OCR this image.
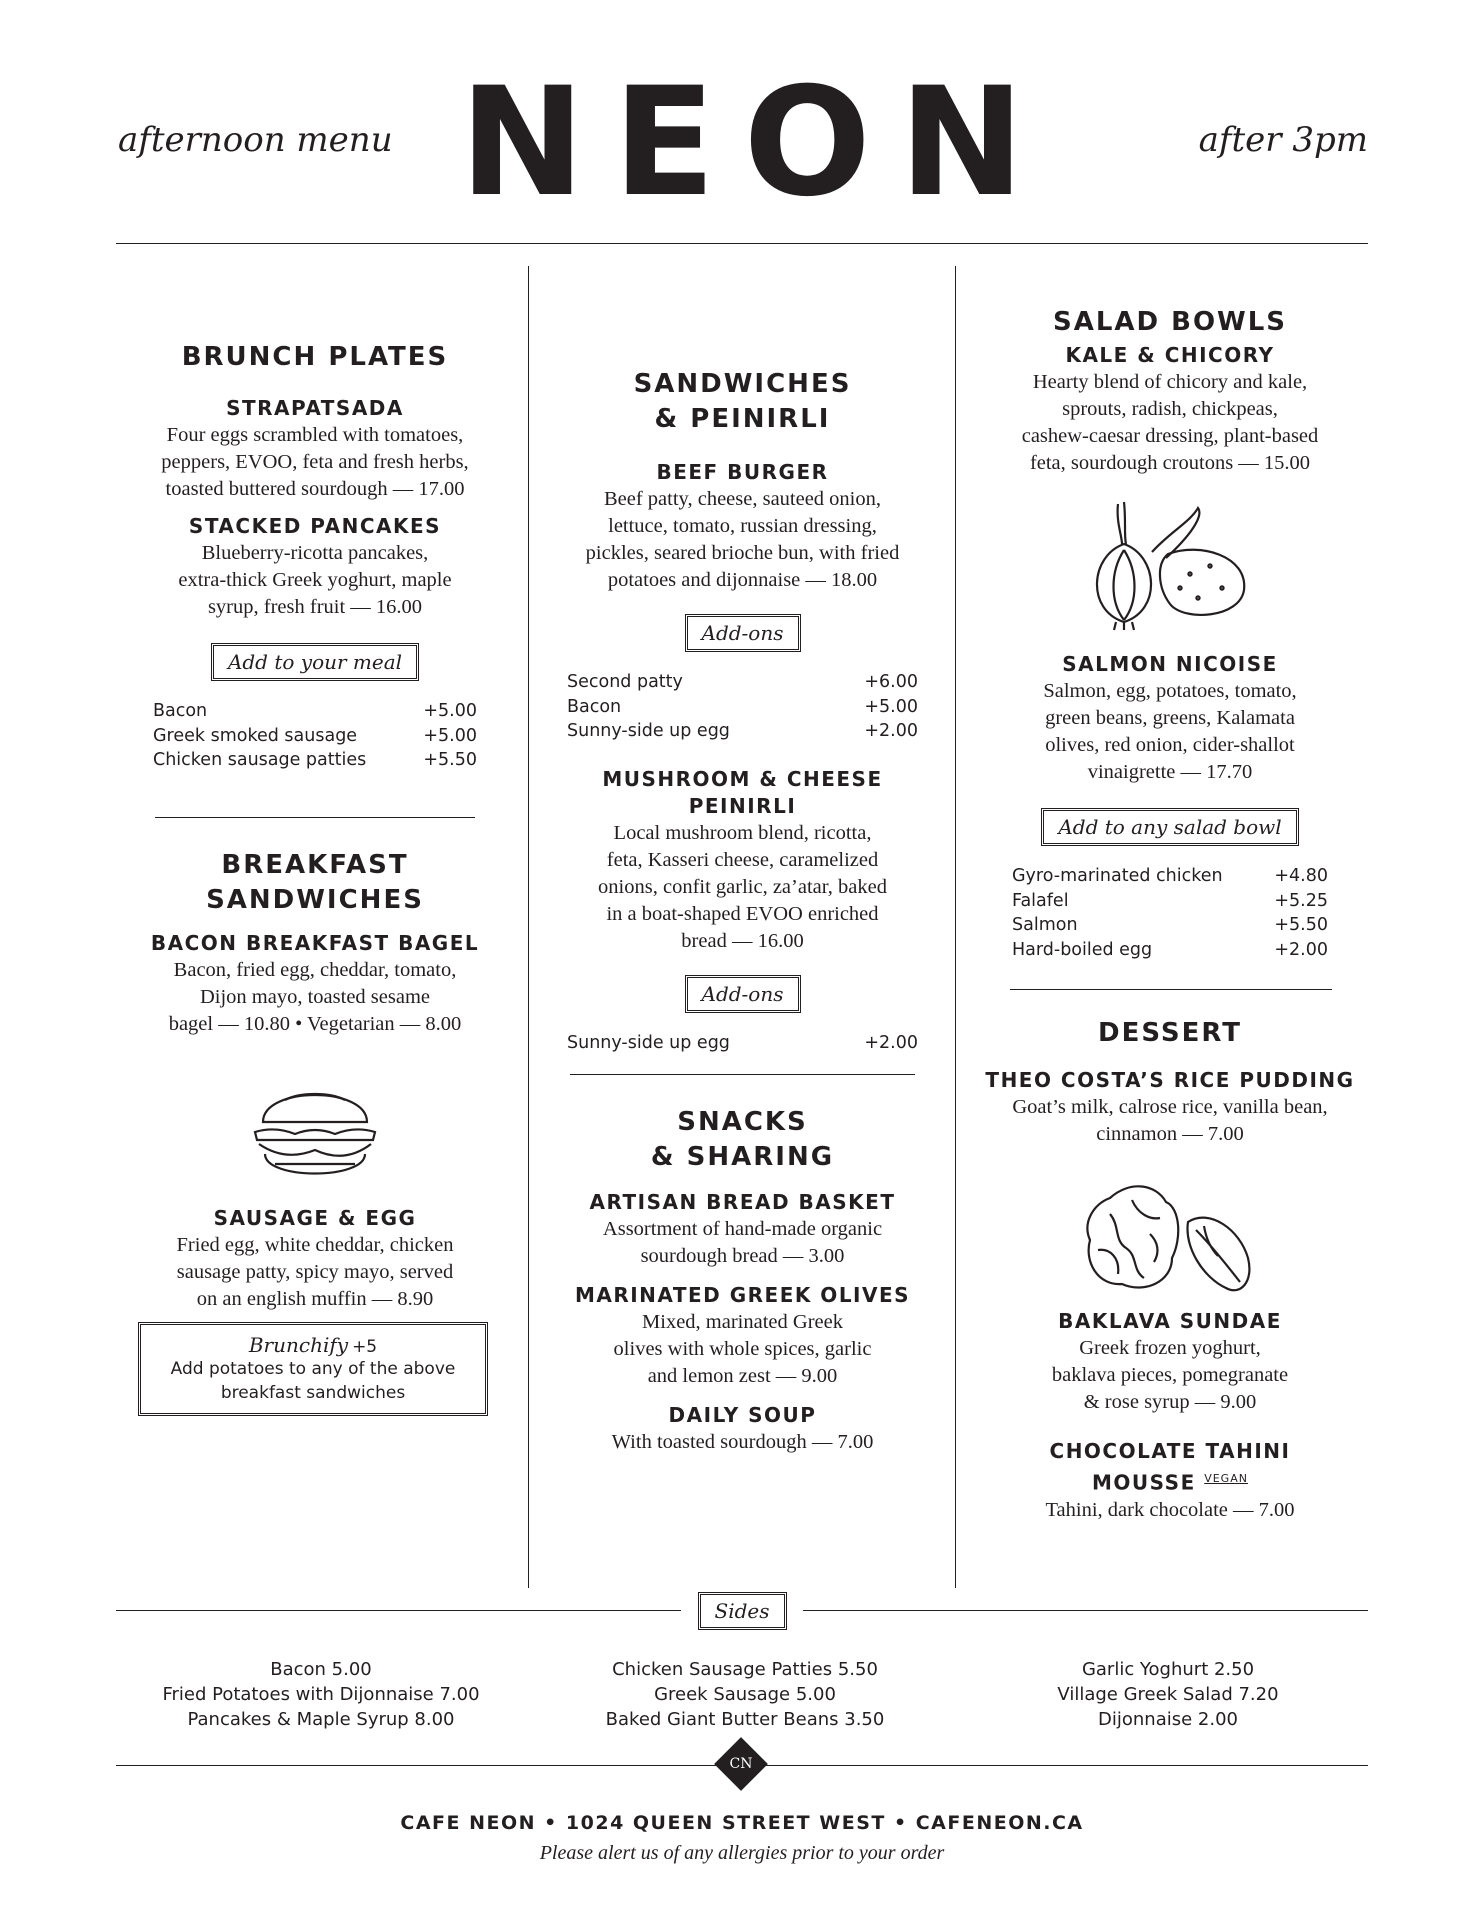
afternoon menu NEON	after 3pm
BRUNCH PLATES
STRAPATSADA
Four eggs scrambled with tomatoes,
peppers, EVOO, feta and fresh herbs,
toasted buttered sourdough — 17.00
STACKED PANCAKES
Blueberry-ricotta pancakes,
extra-thick Greek yoghurt, maple
syrup, fresh fruit — 16.00
Add to your meal
Bacon	+5.00
Greek smoked sausage	+5.00
Chicken sausage patties	+5.50
BREAKFAST
SANDWICHES
BACON BREAKFAST BAGEL
Bacon, fried egg, cheddar, tomato,
Dijon mayo, toasted sesame
bagel — 10.80 • Vegetarian — 8.00
SAUSAGE & EGG
Fried egg, white cheddar, chicken
sausage patty, spicy mayo, served
on an english muffin — 8.90
Brunchify +5
Add potatoes to any of the above
breakfast sandwiches
SANDWICHES
& PEINIRLI
BEEF BURGER
Beef patty, cheese, sauteed onion,
lettuce, tomato, russian dressing,
pickles, seared brioche bun, with fried
potatoes and dijonnaise — 18.00
Add-ons
Second patty	+6.00
Bacon	+5.00
Sunny-side up egg	+2.00
MUSHROOM & CHEESE PEINIRLI
Local mushroom blend, ricotta,
feta, Kasseri cheese, caramelized
onions, confit garlic, za’atar, baked
in a boat-shaped EVOO enriched
bread — 16.00
Add-ons
Sunny-side up egg	+2.00
SNACKS
& SHARING
ARTISAN BREAD BASKET
Assortment of hand-made organic
sourdough bread — 3.00
MARINATED GREEK OLIVES
Mixed, marinated Greek
olives with whole spices, garlic
and lemon zest — 9.00
DAILY SOUP
With toasted sourdough — 7.00
SALAD BOWLS
KALE & CHICORY
Hearty blend of chicory and kale,
sprouts, radish, chickpeas,
cashew-caesar dressing, plant-based
feta, sourdough croutons — 15.00
SALMON NICOISE
Salmon, egg, potatoes, tomato,
green beans, greens, Kalamata
olives, red onion, cider-shallot
vinaigrette — 17.70
Add to any salad bowl
Gyro-marinated chicken	+4.80
Falafel	+5.25
Salmon	+5.50
Hard-boiled egg	+2.00
DESSERT
THEO COSTA’S RICE PUDDING
Goat’s milk, calrose rice, vanilla bean,
cinnamon — 7.00
BAKLAVA SUNDAE
Greek frozen yoghurt,
baklava pieces, pomegranate
& rose syrup — 9.00
CHOCOLATE TAHINI
MOUSSE $^{VEGAN}$
Tahini, dark chocolate — 7.00
Sides
Bacon 5.00
Fried Potatoes with Dijonnaise 7.00
Pancakes & Maple Syrup 8.00
Chicken Sausage Patties 5.50
Greek Sausage 5.00
Baked Giant Butter Beans 3.50
Garlic Yoghurt 2.50
Village Greek Salad 7.20
Dijonnaise 2.00
CN
CAFE NEON • 1024 QUEEN STREET WEST • CAFENEON.CA
Please alert us of any allergies prior to your order
